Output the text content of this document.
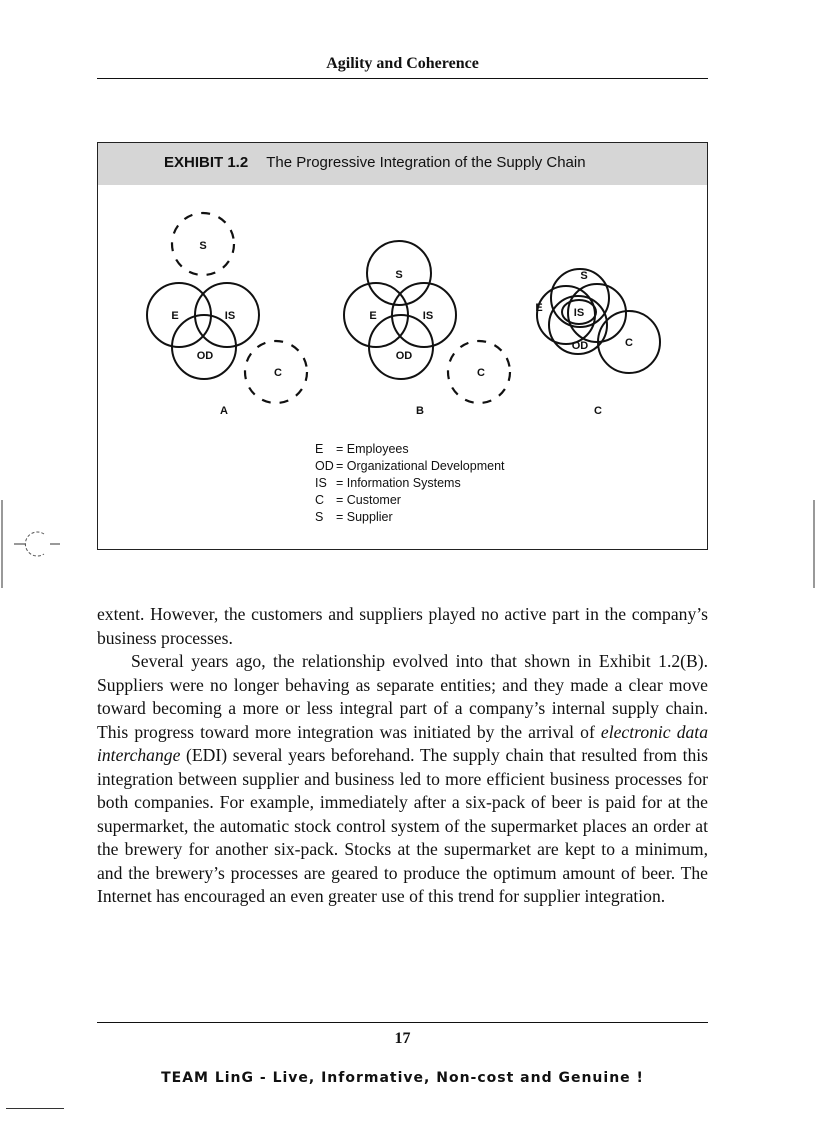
Agility and Coherence
EXHIBIT 1.2 The Progressive Integration of the Supply Chain
S
E	IS
OD
C
A
S
E	IS
OD
C
B
S
E	IS
OD	C
C
E	= Employees
OD = Organizational Development
IS = Information Systems
C = Customer
S	= Supplier

extent. However, the customers and suppliers played no active part in the company’s business processes.

Several years ago, the relationship evolved into that shown in Exhibit 1.2(B). Suppliers were no longer behaving as separate entities; and they made a clear move toward becoming a more or less integral part of a company’s internal supply chain. This progress toward more integration was initiated by the arrival of electronic data interchange (EDI) several years beforehand. The supply chain that resulted from this integration between supplier and business led to more efficient business processes for both companies. For example, immediately after a six-pack of beer is paid for at the supermarket, the automatic stock control system of the supermarket places an order at the brewery for another six-pack. Stocks at the supermarket are kept to a minimum, and the brewery’s processes are geared to produce the optimum amount of beer. The Internet has encouraged an even greater use of this trend for supplier integration.

17
TEAM LinG - Live, Informative, Non-cost and Genuine !
